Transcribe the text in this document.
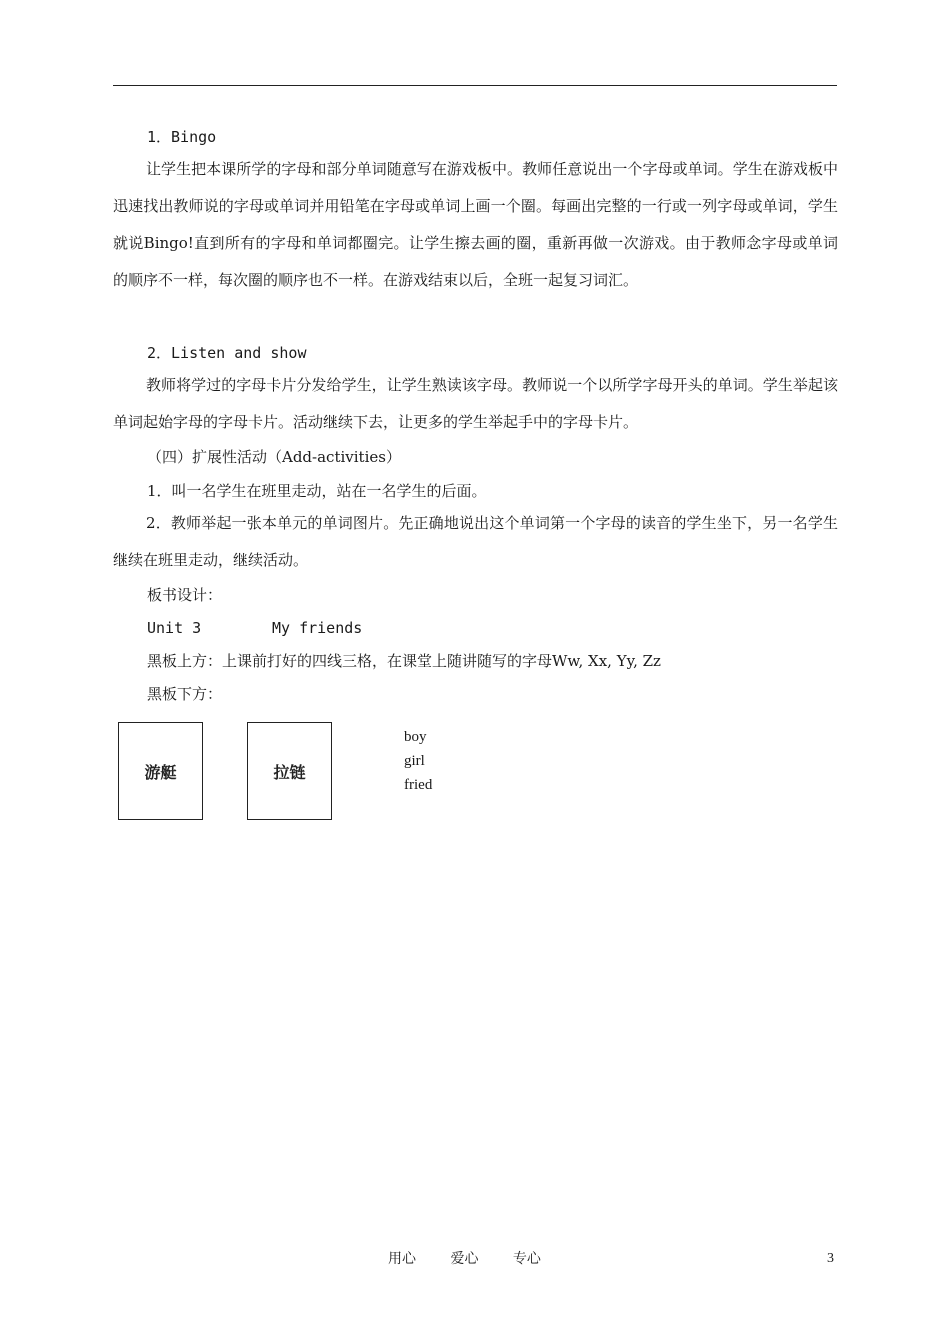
1．Bingo
让学生把本课所学的字母和部分单词随意写在游戏板中。教师任意说出一个字母或单词。学生在游戏板中迅速找出教师说的字母或单词并用铅笔在字母或单词上画一个圈。每画出完整的一行或一列字母或单词，学生就说Bingo!直到所有的字母和单词都圈完。让学生擦去画的圈，重新再做一次游戏。由于教师念字母或单词的顺序不一样，每次圈的顺序也不一样。在游戏结束以后，全班一起复习词汇。
2．Listen and show
教师将学过的字母卡片分发给学生，让学生熟读该字母。教师说一个以所学字母开头的单词。学生举起该单词起始字母的字母卡片。活动继续下去，让更多的学生举起手中的字母卡片。
（四）扩展性活动（Add-activities）
1．叫一名学生在班里走动，站在一名学生的后面。
2．教师举起一张本单元的单词图片。先正确地说出这个单词第一个字母的读音的学生坐下，另一名学生继续在班里走动，继续活动。
板书设计：
Unit 3	My friends
黑板上方：上课前打好的四线三格，在课堂上随讲随写的字母Ww, Xx, Yy, Zz
黑板下方：
游艇	拉链
boy
girl
fried
用心 爱心 专心	3
